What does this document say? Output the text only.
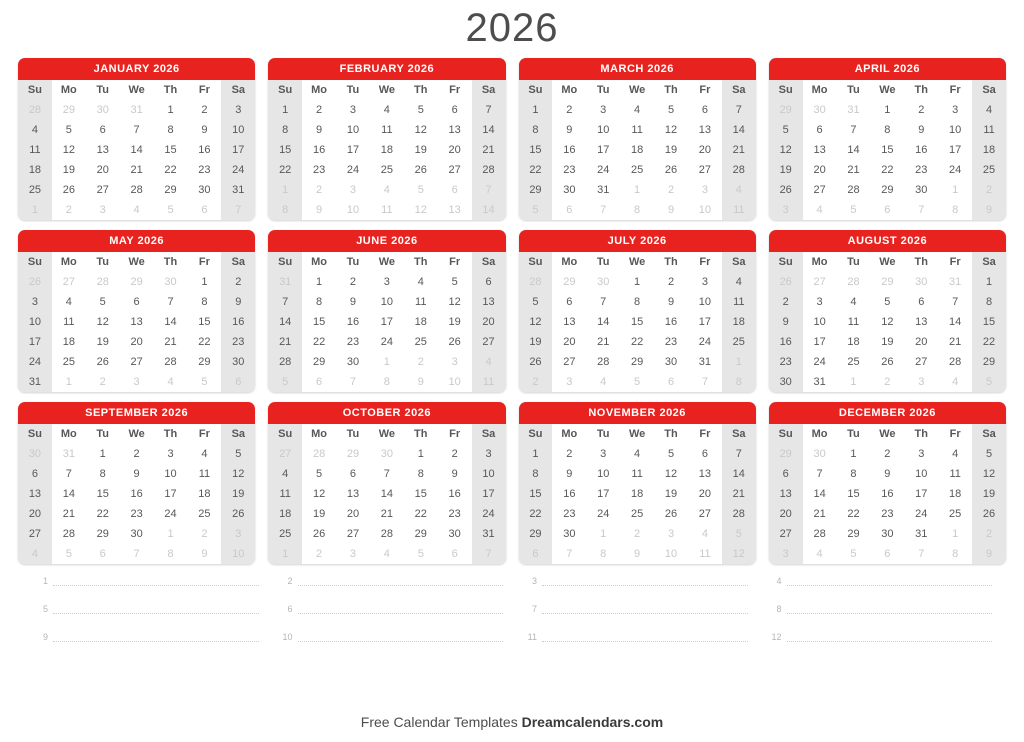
2026
JANUARY 2026
Su	Mo	Tu	We	Th	Fr	Sa
28	29	30	31	1	2	3
4	5	6	7	8	9	10
11	12	13	14	15	16	17
18	19	20	21	22	23	24
25	26	27	28	29	30	31
1	2	3	4	5	6	7
FEBRUARY 2026
Su	Mo	Tu	We	Th	Fr	Sa
1	2	3	4	5	6	7
8	9	10	11	12	13	14
15	16	17	18	19	20	21
22	23	24	25	26	27	28
1	2	3	4	5	6	7
8	9	10	11	12	13	14
MARCH 2026
Su	Mo	Tu	We	Th	Fr	Sa
1	2	3	4	5	6	7
8	9	10	11	12	13	14
15	16	17	18	19	20	21
22	23	24	25	26	27	28
29	30	31	1	2	3	4
5	6	7	8	9	10	11
APRIL 2026
Su	Mo	Tu	We	Th	Fr	Sa
29	30	31	1	2	3	4
5	6	7	8	9	10	11
12	13	14	15	16	17	18
19	20	21	22	23	24	25
26	27	28	29	30	1	2
3	4	5	6	7	8	9
MAY 2026
Su	Mo	Tu	We	Th	Fr	Sa
26	27	28	29	30	1	2
3	4	5	6	7	8	9
10	11	12	13	14	15	16
17	18	19	20	21	22	23
24	25	26	27	28	29	30
31	1	2	3	4	5	6
JUNE 2026
Su	Mo	Tu	We	Th	Fr	Sa
31	1	2	3	4	5	6
7	8	9	10	11	12	13
14	15	16	17	18	19	20
21	22	23	24	25	26	27
28	29	30	1	2	3	4
5	6	7	8	9	10	11
JULY 2026
Su	Mo	Tu	We	Th	Fr	Sa
28	29	30	1	2	3	4
5	6	7	8	9	10	11
12	13	14	15	16	17	18
19	20	21	22	23	24	25
26	27	28	29	30	31	1
2	3	4	5	6	7	8
AUGUST 2026
Su	Mo	Tu	We	Th	Fr	Sa
26	27	28	29	30	31	1
2	3	4	5	6	7	8
9	10	11	12	13	14	15
16	17	18	19	20	21	22
23	24	25	26	27	28	29
30	31	1	2	3	4	5
SEPTEMBER 2026
Su	Mo	Tu	We	Th	Fr	Sa
30	31	1	2	3	4	5
6	7	8	9	10	11	12
13	14	15	16	17	18	19
20	21	22	23	24	25	26
27	28	29	30	1	2	3
4	5	6	7	8	9	10
OCTOBER 2026
Su	Mo	Tu	We	Th	Fr	Sa
27	28	29	30	1	2	3
4	5	6	7	8	9	10
11	12	13	14	15	16	17
18	19	20	21	22	23	24
25	26	27	28	29	30	31
1	2	3	4	5	6	7
NOVEMBER 2026
Su	Mo	Tu	We	Th	Fr	Sa
1	2	3	4	5	6	7
8	9	10	11	12	13	14
15	16	17	18	19	20	21
22	23	24	25	26	27	28
29	30	1	2	3	4	5
6	7	8	9	10	11	12
DECEMBER 2026
Su	Mo	Tu	We	Th	Fr	Sa
29	30	1	2	3	4	5
6	7	8	9	10	11	12
13	14	15	16	17	18	19
20	21	22	23	24	25	26
27	28	29	30	31	1	2
3	4	5	6	7	8	9
1	2	3	4
5	6	7	8
9	10	11	12
Free Calendar Templates Dreamcalendars.com
